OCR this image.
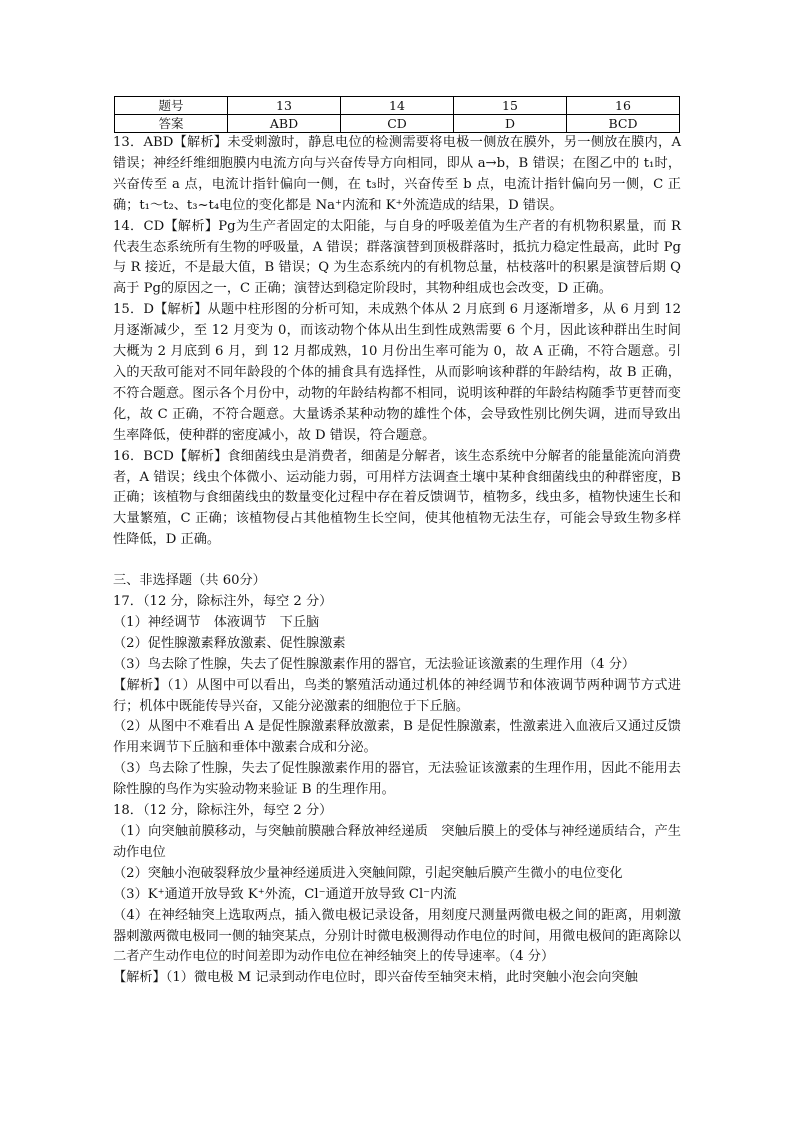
题号	13	14	15	16
答案	ABD	CD	D	BCD

13．ABD【解析】未受刺激时，静息电位的检测需要将电极一侧放在膜外，另一侧放在膜内，A 错误；神经纤维细胞膜内电流方向与兴奋传导方向相同，即从 a→b，B 错误；在图乙中的 t₁时，兴奋传至 a 点，电流计指针偏向一侧，在 t₃时，兴奋传至 b 点，电流计指针偏向另一侧，C 正确；t₁～t₂、t₃~t₄电位的变化都是 Na⁺内流和 K⁺外流造成的结果，D 错误。

14．CD【解析】Pg为生产者固定的太阳能，与自身的呼吸差值为生产者的有机物积累量，而 R 代表生态系统所有生物的呼吸量，A 错误；群落演替到顶极群落时，抵抗力稳定性最高，此时 Pg与 R 接近，不是最大值，B 错误；Q 为生态系统内的有机物总量，枯枝落叶的积累是演替后期 Q 高于 Pg的原因之一，C 正确；演替达到稳定阶段时，其物种组成也会改变，D 正确。

15．D【解析】从题中柱形图的分析可知，未成熟个体从 2 月底到 6 月逐渐增多，从 6 月到 12 月逐渐减少，至 12 月变为 0，而该动物个体从出生到性成熟需要 6 个月，因此该种群出生时间大概为 2 月底到 6 月，到 12 月都成熟，10 月份出生率可能为 0，故 A 正确，不符合题意。引入的天敌可能对不同年龄段的个体的捕食具有选择性，从而影响该种群的年龄结构，故 B 正确，不符合题意。图示各个月份中，动物的年龄结构都不相同，说明该种群的年龄结构随季节更替而变化，故 C 正确，不符合题意。大量诱杀某种动物的雄性个体，会导致性别比例失调，进而导致出生率降低，使种群的密度减小，故 D 错误，符合题意。

16．BCD【解析】食细菌线虫是消费者，细菌是分解者，该生态系统中分解者的能量能流向消费者，A 错误；线虫个体微小、运动能力弱，可用样方法调查土壤中某种食细菌线虫的种群密度，B 正确；该植物与食细菌线虫的数量变化过程中存在着反馈调节，植物多，线虫多，植物快速生长和大量繁殖，C 正确；该植物侵占其他植物生长空间，使其他植物无法生存，可能会导致生物多样性降低，D 正确。

三、非选择题（共 60分）

17．（12 分，除标注外，每空 2 分）

（1）神经调节　体液调节　下丘脑

（2）促性腺激素释放激素、促性腺激素

（3）鸟去除了性腺，失去了促性腺激素作用的器官，无法验证该激素的生理作用（4 分）

【解析】（1）从图中可以看出，鸟类的繁殖活动通过机体的神经调节和体液调节两种调节方式进行；机体中既能传导兴奋，又能分泌激素的细胞位于下丘脑。

（2）从图中不难看出 A 是促性腺激素释放激素，B 是促性腺激素，性激素进入血液后又通过反馈作用来调节下丘脑和垂体中激素合成和分泌。

（3）鸟去除了性腺，失去了促性腺激素作用的器官，无法验证该激素的生理作用，因此不能用去除性腺的鸟作为实验动物来验证 B 的生理作用。

18．（12 分，除标注外，每空 2 分）

（1）向突触前膜移动，与突触前膜融合释放神经递质　突触后膜上的受体与神经递质结合，产生动作电位

（2）突触小泡破裂释放少量神经递质进入突触间隙，引起突触后膜产生微小的电位变化

（3）K⁺通道开放导致 K⁺外流，Cl⁻通道开放导致 Cl⁻内流

（4）在神经轴突上选取两点，插入微电极记录设备，用刻度尺测量两微电极之间的距离，用刺激器刺激两微电极同一侧的轴突某点，分别计时微电极测得动作电位的时间，用微电极间的距离除以二者产生动作电位的时间差即为动作电位在神经轴突上的传导速率。（4 分）

【解析】（1）微电极 M 记录到动作电位时，即兴奋传至轴突末梢，此时突触小泡会向突触
